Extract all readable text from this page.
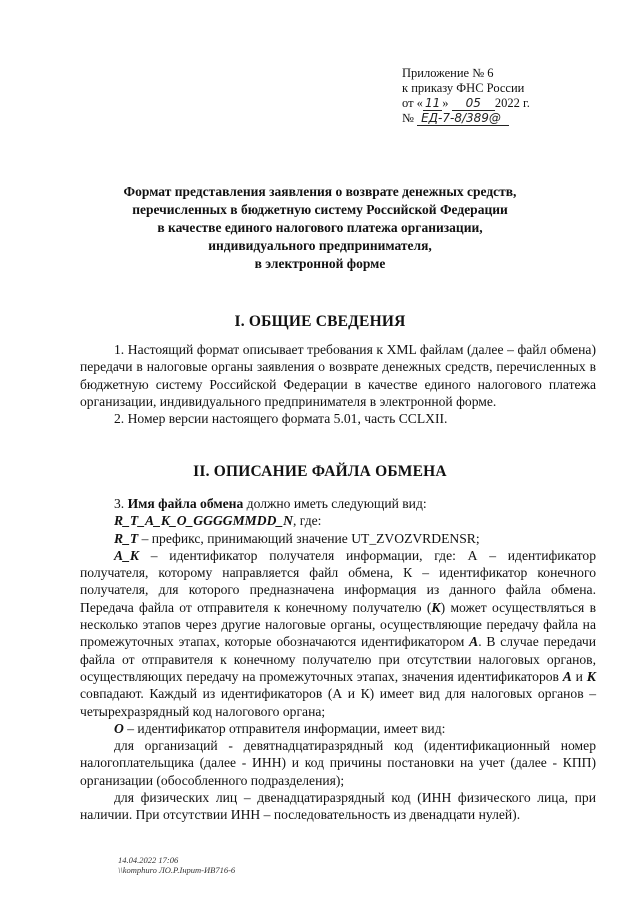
Приложение № 6
к приказу ФНС России
от « 11 » 05 2022 г.
№ ЕД-7-8/389@
Формат представления заявления о возврате денежных средств,
перечисленных в бюджетную систему Российской Федерации
в качестве единого налогового платежа организации,
индивидуального предпринимателя,
в электронной форме
I. ОБЩИЕ СВЕДЕНИЯ

1. Настоящий формат описывает требования к XML файлам (далее – файл обмена) передачи в налоговые органы заявления о возврате денежных средств, перечисленных в бюджетную систему Российской Федерации в качестве единого налогового платежа организации, индивидуального предпринимателя в электронной форме.

2. Номер версии настоящего формата 5.01, часть CCLXII.

II. ОПИСАНИЕ ФАЙЛА ОБМЕНА

3. Имя файла обмена должно иметь следующий вид:

R_T_A_K_O_GGGGMMDD_N, где:

R_T – префикс, принимающий значение UT_ZVOZVRDENSR;

A_K – идентификатор получателя информации, где: А – идентификатор получателя, которому направляется файл обмена, К – идентификатор конечного получателя, для которого предназначена информация из данного файла обмена. Передача файла от отправителя к конечному получателю (К) может осуществляться в несколько этапов через другие налоговые органы, осуществляющие передачу файла на промежуточных этапах, которые обозначаются идентификатором А. В случае передачи файла от отправителя к конечному получателю при отсутствии налоговых органов, осуществляющих передачу на промежуточных этапах, значения идентификаторов А и К совпадают. Каждый из идентификаторов (А и К) имеет вид для налоговых органов – четырехразрядный код налогового органа;

О – идентификатор отправителя информации, имеет вид:

для организаций - девятнадцатиразрядный код (идентификационный номер налогоплательщика (далее - ИНН) и код причины постановки на учет (далее - КПП) организации (обособленного подразделения);

для физических лиц – двенадцатиразрядный код (ИНН физического лица, при наличии. При отсутствии ИНН – последовательность из двенадцати нулей).

14.04.2022 17:06
\\komphuro ЛО.Р.Інрит-ИВ716-6
